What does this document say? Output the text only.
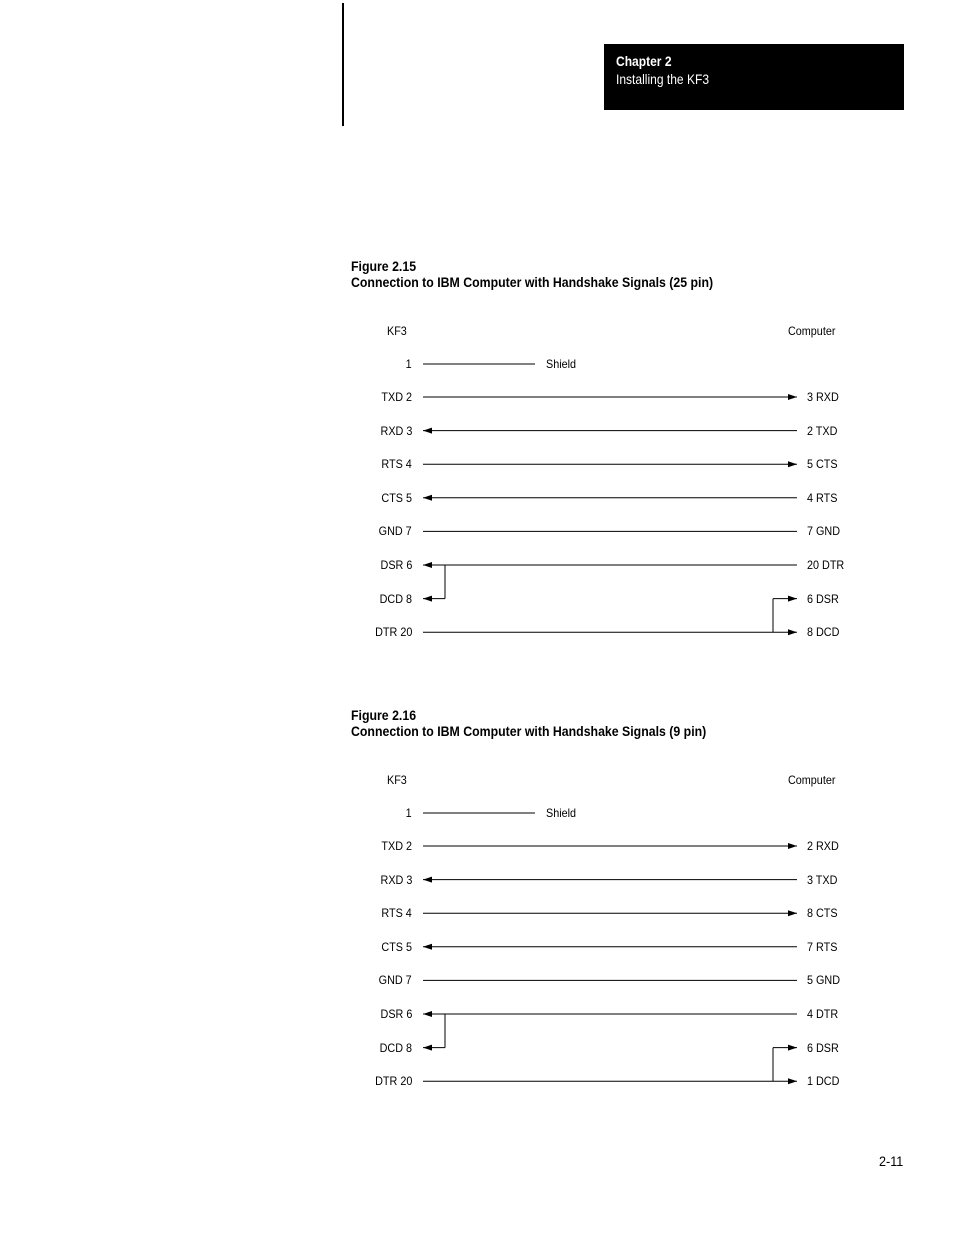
Chapter 2
Installing the KF3
Figure 2.15
Connection to IBM Computer with Handshake Signals (25 pin)
KF3	Computer
1	Shield
TXD 2	3 RXD
RXD 3	2 TXD
RTS 4	5 CTS
CTS 5	4 RTS
GND 7	7 GND
DSR 6	20 DTR
DCD 8	6 DSR
DTR 20	8 DCD
Figure 2.16
Connection to IBM Computer with Handshake Signals (9 pin)
KF3	Computer
1	Shield
TXD 2	2 RXD
RXD 3	3 TXD
RTS 4	8 CTS
CTS 5	7 RTS
GND 7	5 GND
DSR 6	4 DTR
DCD 8	6 DSR
DTR 20	1 DCD
2-11
